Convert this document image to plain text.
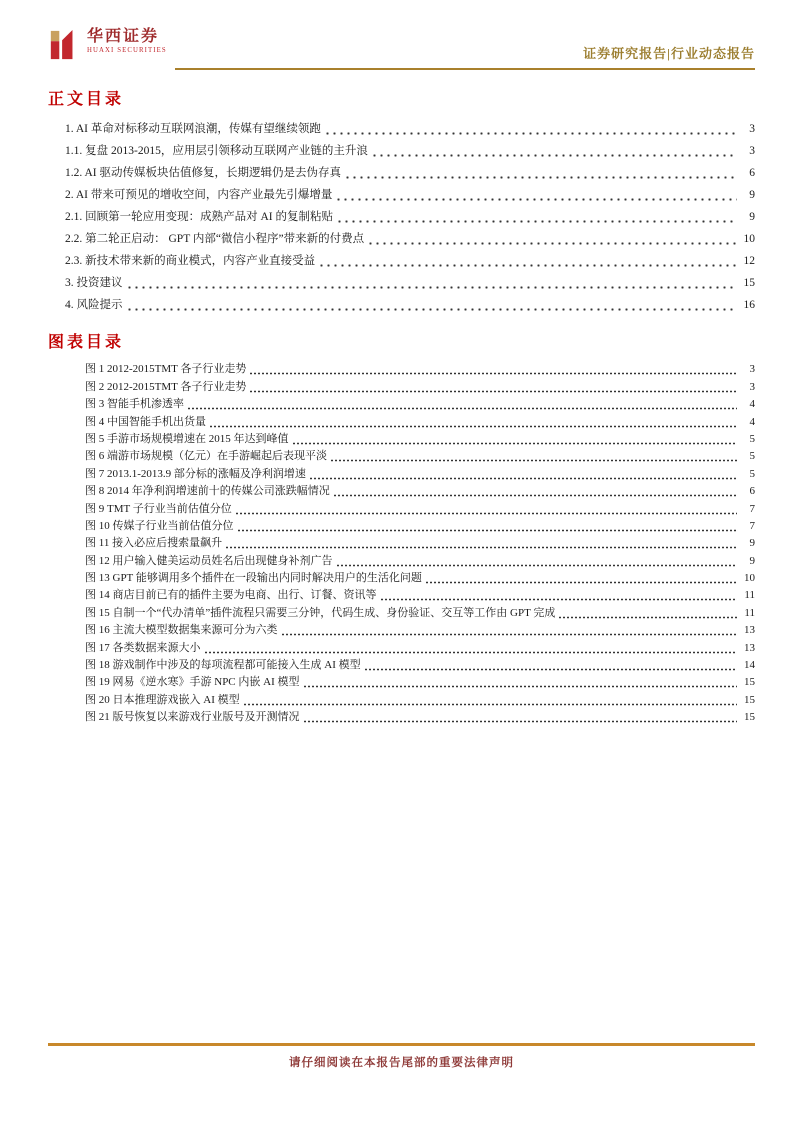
华西证券
HUAXI SECURITIES	证券研究报告|行业动态报告
正文目录
1. AI 革命对标移动互联网浪潮，传媒有望继续领跑	3
1.1. 复盘 2013-2015，应用层引领移动互联网产业链的主升浪	3
1.2. AI 驱动传媒板块估值修复，长期逻辑仍是去伪存真	6
2. AI 带来可预见的增收空间，内容产业最先引爆增量	9
2.1. 回顾第一轮应用变现：成熟产品对 AI 的复制粘贴	9
2.2. 第二轮正启动： GPT 内部“微信小程序”带来新的付费点	10
2.3. 新技术带来新的商业模式，内容产业直接受益	12
3. 投资建议	15
4. 风险提示	16
图表目录
图 1 2012-2015TMT 各子行业走势	3
图 2 2012-2015TMT 各子行业走势	3
图 3 智能手机渗透率	4
图 4 中国智能手机出货量	4
图 5 手游市场规模增速在 2015 年达到峰值	5
图 6 端游市场规模（亿元）在手游崛起后表现平淡	5
图 7 2013.1-2013.9 部分标的涨幅及净利润增速	5
图 8 2014 年净利润增速前十的传媒公司涨跌幅情况	6
图 9 TMT 子行业当前估值分位	7
图 10 传媒子行业当前估值分位	7
图 11 接入必应后搜索量飙升	9
图 12 用户输入健美运动员姓名后出现健身补剂广告	9
图 13 GPT 能够调用多个插件在一段输出内同时解决用户的生活化问题	10
图 14 商店目前已有的插件主要为电商、出行、订餐、资讯等	11
图 15 自制一个“代办清单”插件流程只需要三分钟，代码生成、身份验证、交互等工作由 GPT 完成	11
图 16 主流大模型数据集来源可分为六类	13
图 17 各类数据来源大小	13
图 18 游戏制作中涉及的每项流程都可能接入生成 AI 模型	14
图 19 网易《逆水寒》手游 NPC 内嵌 AI 模型	15
图 20 日本推理游戏嵌入 AI 模型	15
图 21 版号恢复以来游戏行业版号及开测情况	15
请仔细阅读在本报告尾部的重要法律声明
